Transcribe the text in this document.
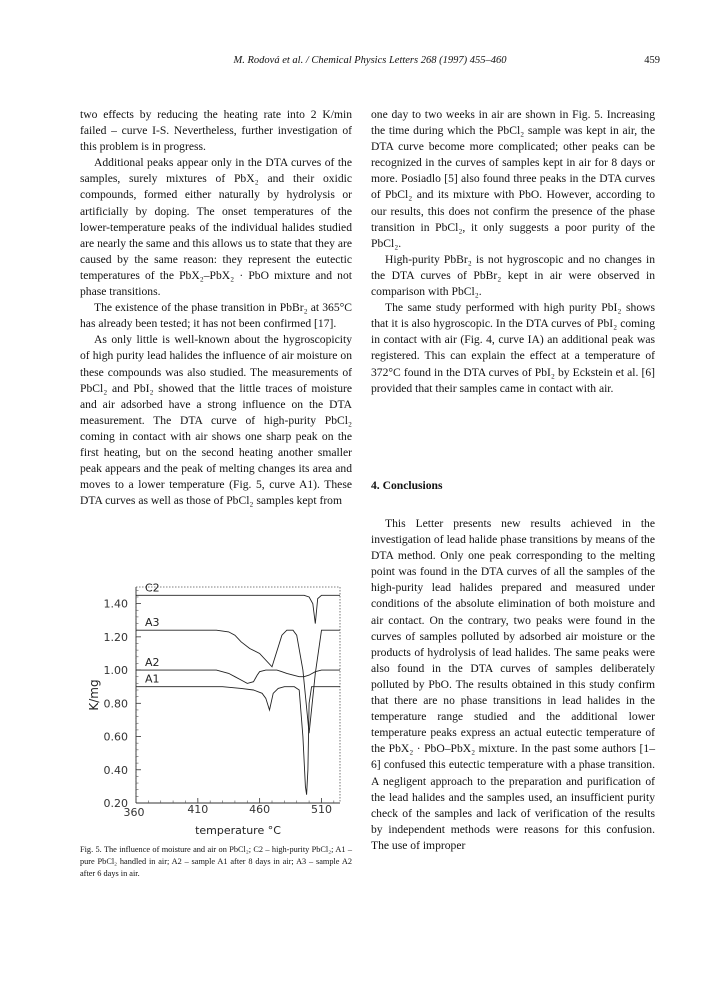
M. Rodová et al. / Chemical Physics Letters 268 (1997) 455–460	459

two effects by reducing the heating rate into 2 K/min failed – curve I-S. Nevertheless, further investigation of this problem is in progress.

Additional peaks appear only in the DTA curves of the samples, surely mixtures of PbX₂ and their oxidic compounds, formed either naturally by hydrolysis or artificially by doping. The onset temperatures of the lower-temperature peaks of the individual halides studied are nearly the same and this allows us to state that they are caused by the same reason: they represent the eutectic temperatures of the PbX₂–PbX₂ · PbO mixture and not phase transitions.

The existence of the phase transition in PbBr₂ at 365°C has already been tested; it has not been confirmed [17].

As only little is well-known about the hygroscopicity of high purity lead halides the influence of air moisture on these compounds was also studied. The measurements of PbCl₂ and PbI₂ showed that the little traces of moisture and air adsorbed have a strong influence on the DTA measurement. The DTA curve of high-purity PbCl₂ coming in contact with air shows one sharp peak on the first heating, but on the second heating another smaller peak appears and the peak of melting changes its area and moves to a lower temperature (Fig. 5, curve A1). These DTA curves as well as those of PbCl₂ samples kept from

one day to two weeks in air are shown in Fig. 5. Increasing the time during which the PbCl₂ sample was kept in air, the DTA curve become more complicated; other peaks can be recognized in the curves of samples kept in air for 8 days or more. Posiadlo [5] also found three peaks in the DTA curves of PbCl₂ and its mixture with PbO. However, according to our results, this does not confirm the presence of the phase transition in PbCl₂, it only suggests a poor purity of the PbCl₂.

High-purity PbBr₂ is not hygroscopic and no changes in the DTA curves of PbBr₂ kept in air were observed in comparison with PbCl₂.

The same study performed with high purity PbI₂ shows that it is also hygroscopic. In the DTA curves of PbI₂ coming in contact with air (Fig. 4, curve IA) an additional peak was registered. This can explain the effect at a temperature of 372°C found in the DTA curves of PbI₂ by Eckstein et al. [6] provided that their samples came in contact with air.

4. Conclusions

This Letter presents new results achieved in the investigation of lead halide phase transitions by means of the DTA method. Only one peak corresponding to the melting point was found in the DTA curves of all the samples of the high-purity lead halides prepared and measured under conditions of the absolute elimination of both moisture and air contact. On the contrary, two peaks were found in the curves of samples polluted by adsorbed air moisture or the products of hydrolysis of lead halides. The same peaks were also found in the DTA curves of samples deliberately polluted by PbO. The results obtained in this study confirm that there are no phase transitions in lead halides in the temperature range studied and the additional lower temperature peaks express an actual eutectic temperature of the PbX₂ · PbO–PbX₂ mixture. In the past some authors [1–6] confused this eutectic temperature with a phase transition. A negligent approach to the preparation and purification of the lead halides and the samples used, an insufficient purity check of the samples and lack of verification of the results by independent methods were reasons for this confusion. The use of improper

0.20
0.40
0.60
0.80
1.00
1.20
1.40
360	410	460	510
C2
A3
A2
A1
K/mg
temperature °C
Fig. 5. The influence of moisture and air on PbCl₂; C2 – high-purity PbCl₂; A1 – pure PbCl₂ handled in air; A2 – sample A1 after 8 days in air; A3 – sample A2 after 6 days in air.
